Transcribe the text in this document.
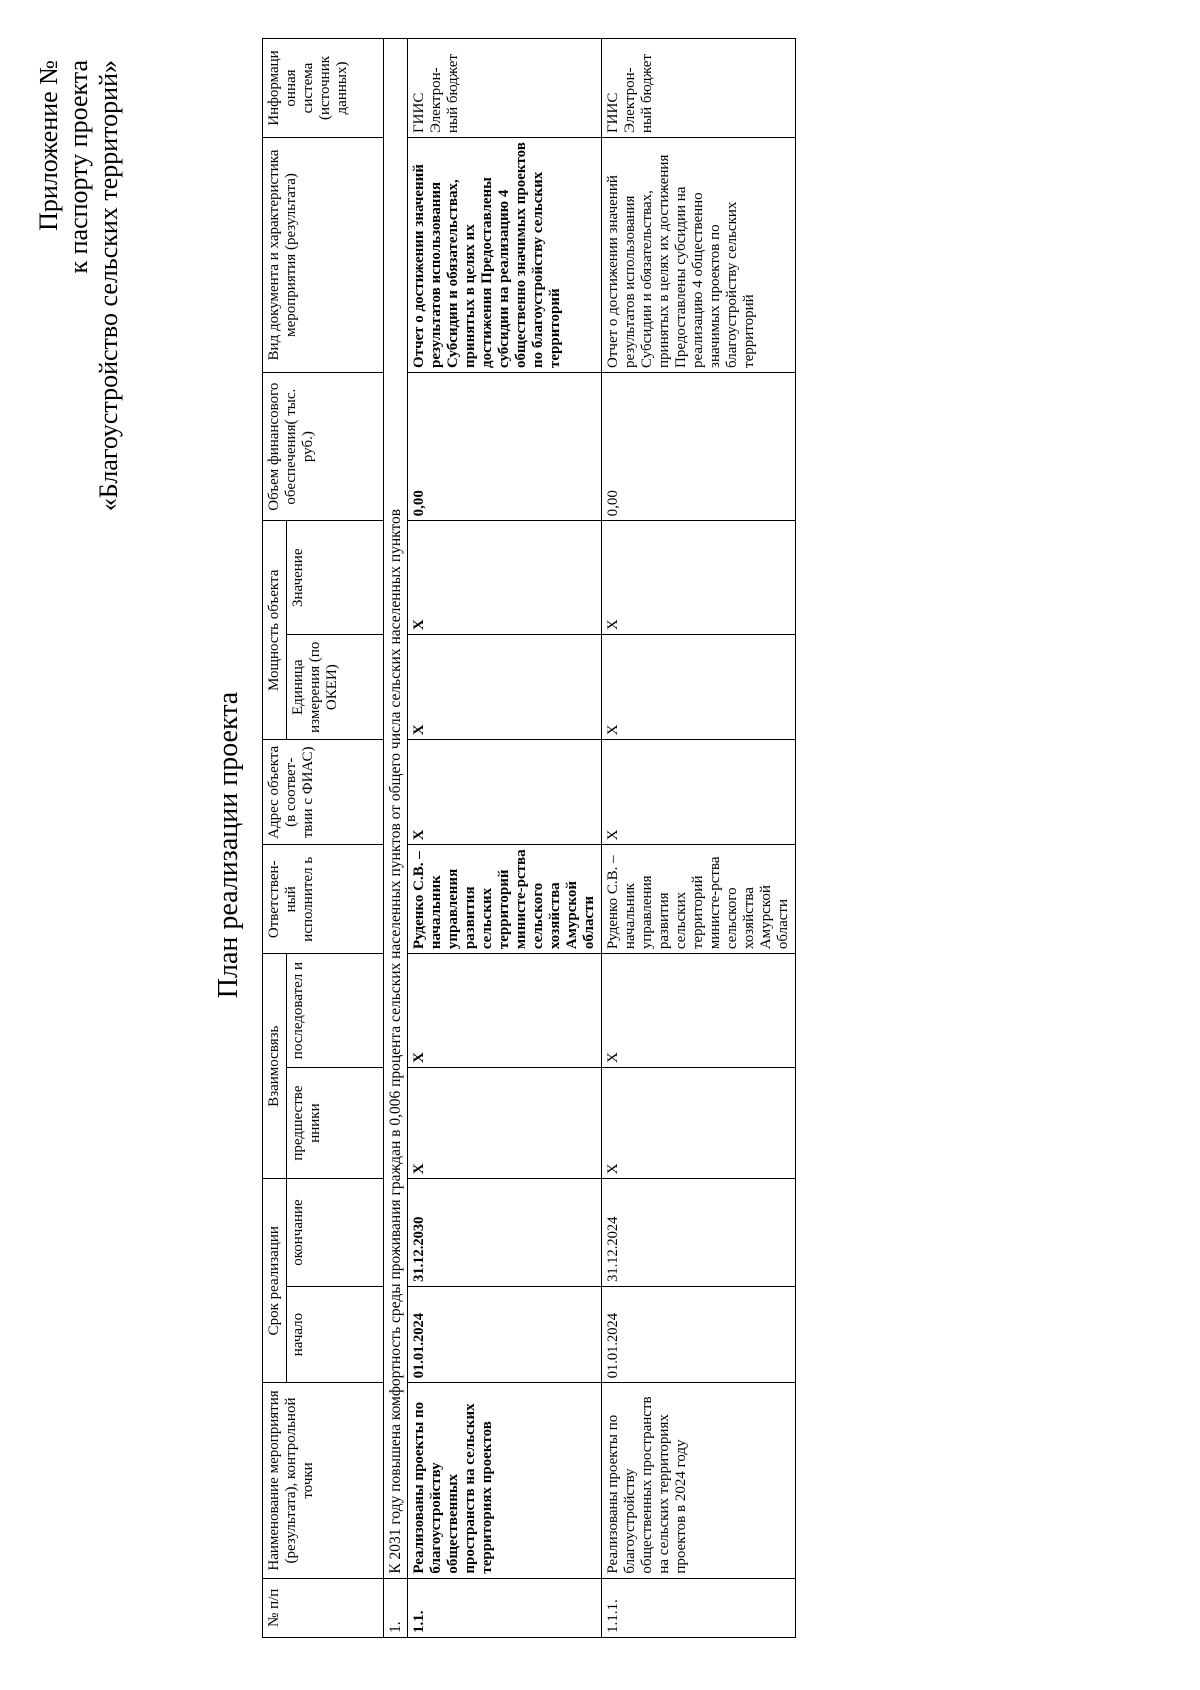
Приложение № к паспорту проекта «Благоустройство сельских территорий»
План реализации проекта
№ п/п	Наименование мероприятия (результата), контрольной точки	Срок реализации		Взаимосвязь		Ответствен-ный исполнител ь	Адрес объекта (в соответ-твии с ФИАС)	Мощность объекта		Объем финансового обеспечения( тыс. руб.)	Вид документа и характеристика мероприятия (результата)	Информаци онная система (источник данных)
		начало	окончание	предшестве нники	последовател и			Единица измерения (по ОКЕИ)	Значение			
1.	К 2031 году повышена комфортность среды проживания граждан в 0,006 процента сельских населенных пунктов от общего числа сельских населенных пунктов											
1.1.	Реализованы проекты по благоустройству общественных пространств на сельских территориях проектов	01.01.2024	31.12.2030	X	X	Руденко С.В. – начальник управления развития сельских территорий министе-рства сельского хозяйства Амурской области	X	X	X	0,00	Отчет о достижении значений результатов использования Субсидии и обязательствах, принятых в целях их достижения Предоставлены субсидии на реализацию 4 общественно значимых проектов по благоустройству сельских территорий	ГИИС Электрон-ный бюджет
1.1.1.	Реализованы проекты по благоустройству общественных пространств на сельских территориях проектов в 2024 году	01.01.2024	31.12.2024	X	X	Руденко С.В. – начальник управления развития сельских территорий министе-рства сельского хозяйства Амурской области	X	X	X	0,00	Отчет о достижении значений результатов использования Субсидии и обязательствах, принятых в целях их достижения Предоставлены субсидии на реализацию 4 общественно значимых проектов по благоустройству сельских территорий	ГИИС Электрон-ный бюджет
